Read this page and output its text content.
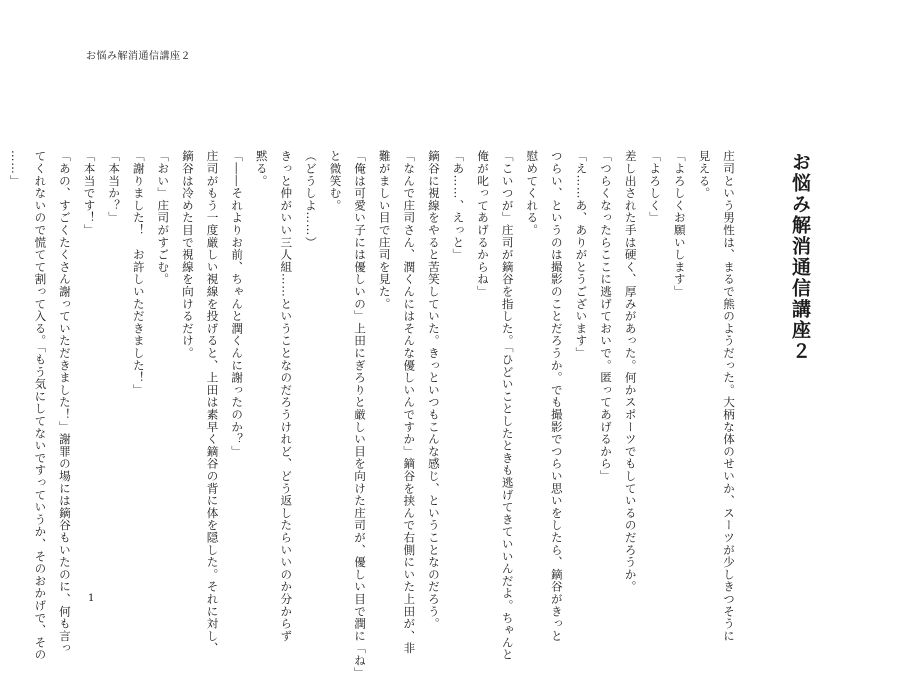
お悩み解消通信講座２

お悩み解消通信講座２

庄司という男性は、まるで熊のようだった。大柄な体のせいか、スーツが少しきつそうに

見える。

「よろしくお願いします」

「よろしく」

差し出された手は硬く、厚みがあった。何かスポーツでもしているのだろうか。

「つらくなったらここに逃げておいで。匿ってあげるから」

「え……あ、ありがとうございます」

つらい、というのは撮影のことだろうか。でも撮影でつらい思いをしたら、鏑谷がきっと

慰めてくれる。

「こいつが」庄司が鏑谷を指した。「ひどいことしたときも逃げてきていいんだよ。ちゃんと

俺が叱ってあげるからね」

「あ……、えっと」

鏑谷に視線をやると苦笑していた。きっといつもこんな感じ、ということなのだろう。

「なんで庄司さん、潤くんにはそんな優しいんですか」鏑谷を挟んで右側にいた上田が、非

難がましい目で庄司を見た。

「俺は可愛い子には優しいの」上田にぎろりと厳しい目を向けた庄司が、優しい目で潤に「ね」

と微笑む。

（どうしよ……）

きっと仲がいい三人組……ということなのだろうけれど、どう返したらいいのか分からず

黙る。

「――それよりお前、ちゃんと潤くんに謝ったのか？」

庄司がもう一度厳しい視線を投げると、上田は素早く鏑谷の背に体を隠した。それに対し、

鏑谷は冷めた目で視線を向けるだけ。

「おい」庄司がすごむ。

「謝りました！　お許しいただきました！」

「本当か？」

「本当です！」

「あの、すごくたくさん謝っていただきました！」謝罪の場には鏑谷もいたのに、何も言っ

てくれないので慌てて割って入る。「もう気にしてないですっていうか、そのおかげで、その

……」

1
